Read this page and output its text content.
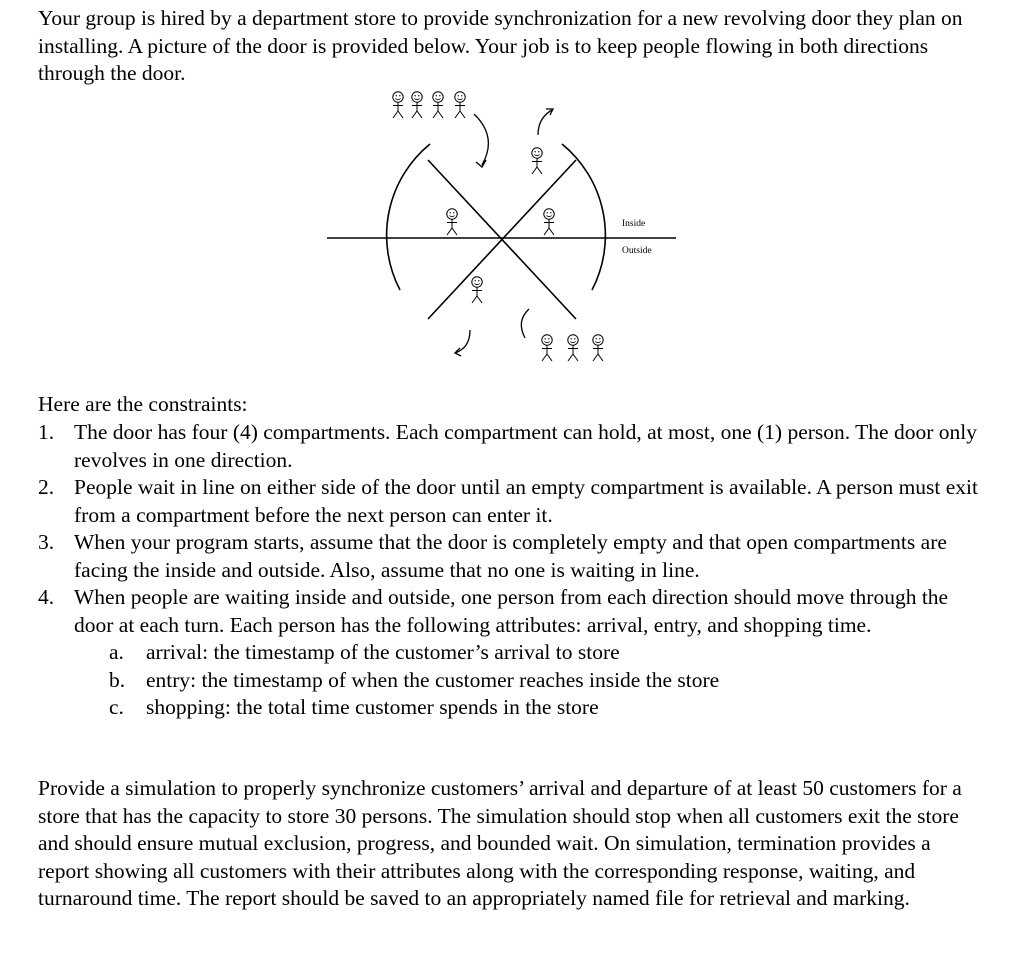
Your group is hired by a department store to provide synchronization for a new revolving door they plan on installing. A picture of the door is provided below. Your job is to keep people flowing in both directions through the door.

Inside
Outside

Here are the constraints:

1. The door has four (4) compartments. Each compartment can hold, at most, one (1) person. The door only revolves in one direction.
2. People wait in line on either side of the door until an empty compartment is available. A person must exit from a compartment before the next person can enter it.
3. When your program starts, assume that the door is completely empty and that open compartments are facing the inside and outside. Also, assume that no one is waiting in line.
4. When people are waiting inside and outside, one person from each direction should move through the door at each turn. Each person has the following attributes: arrival, entry, and shopping time.
a. arrival: the timestamp of the customer’s arrival to store
b. entry: the timestamp of when the customer reaches inside the store
c. shopping: the total time customer spends in the store

Provide a simulation to properly synchronize customers’ arrival and departure of at least 50 customers for a store that has the capacity to store 30 persons. The simulation should stop when all customers exit the store and should ensure mutual exclusion, progress, and bounded wait. On simulation, termination provides a report showing all customers with their attributes along with the corresponding response, waiting, and turnaround time. The report should be saved to an appropriately named file for retrieval and marking.
